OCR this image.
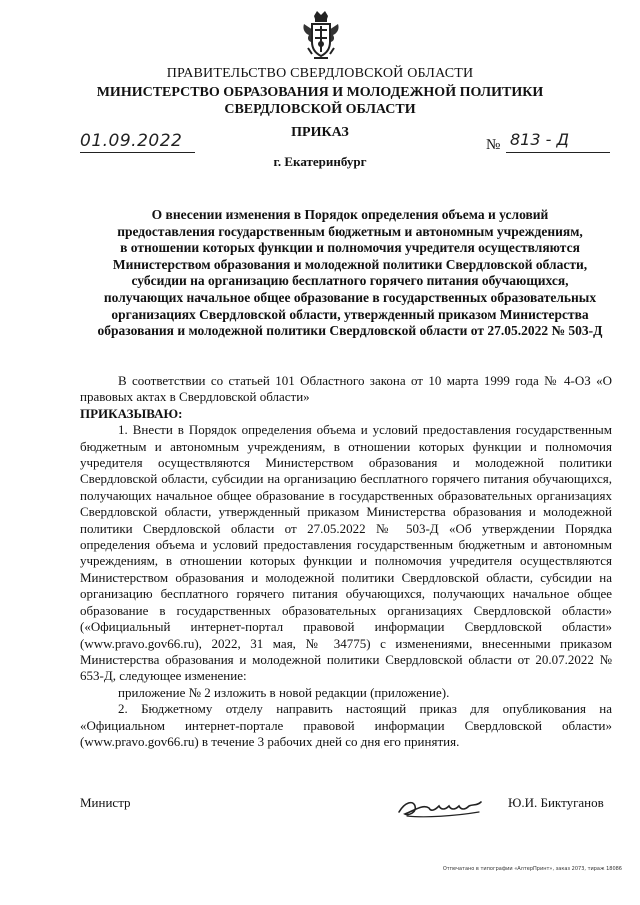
ПРАВИТЕЛЬСТВО СВЕРДЛОВСКОЙ ОБЛАСТИ
МИНИСТЕРСТВО ОБРАЗОВАНИЯ И МОЛОДЕЖНОЙ ПОЛИТИКИ
СВЕРДЛОВСКОЙ ОБЛАСТИ
ПРИКАЗ
01.09.2022	№ 813 - Д
г. Екатеринбург
О внесении изменения в Порядок определения объема и условий
предоставления государственным бюджетным и автономным учреждениям,
в отношении которых функции и полномочия учредителя осуществляются
Министерством образования и молодежной политики Свердловской области,
субсидии на организацию бесплатного горячего питания обучающихся,
получающих начальное общее образование в государственных образовательных
организациях Свердловской области, утвержденный приказом Министерства
образования и молодежной политики Свердловской области от 27.05.2022 № 503-Д

В соответствии со статьей 101 Областного закона от 10 марта 1999 года № 4-ОЗ «О правовых актах в Свердловской области»

ПРИКАЗЫВАЮ:

1. Внести в Порядок определения объема и условий предоставления государственным бюджетным и автономным учреждениям, в отношении которых функции и полномочия учредителя осуществляются Министерством образования и молодежной политики Свердловской области, субсидии на организацию бесплатного горячего питания обучающихся, получающих начальное общее образование в государственных образовательных организациях Свердловской области, утвержденный приказом Министерства образования и молодежной политики Свердловской области от 27.05.2022 № 503-Д «Об утверждении Порядка определения объема и условий предоставления государственным бюджетным и автономным учреждениям, в отношении которых функции и полномочия учредителя осуществляются Министерством образования и молодежной политики Свердловской области, субсидии на организацию бесплатного горячего питания обучающихся, получающих начальное общее образование в государственных образовательных организациях Свердловской области» («Официальный интернет-портал правовой информации Свердловской области» (www.pravo.gov66.ru), 2022, 31 мая, № 34775) с изменениями, внесенными приказом Министерства образования и молодежной политики Свердловской области от 20.07.2022 № 653-Д, следующее изменение:

приложение № 2 изложить в новой редакции (приложение).

2. Бюджетному отделу направить настоящий приказ для опубликования на «Официальном интернет-портале правовой информации Свердловской области» (www.pravo.gov66.ru) в течение 3 рабочих дней со дня его принятия.

Министр	Ю.И. Биктуганов
Отпечатано в типографии «АлтерПринт», заказ 2073, тираж 18086
